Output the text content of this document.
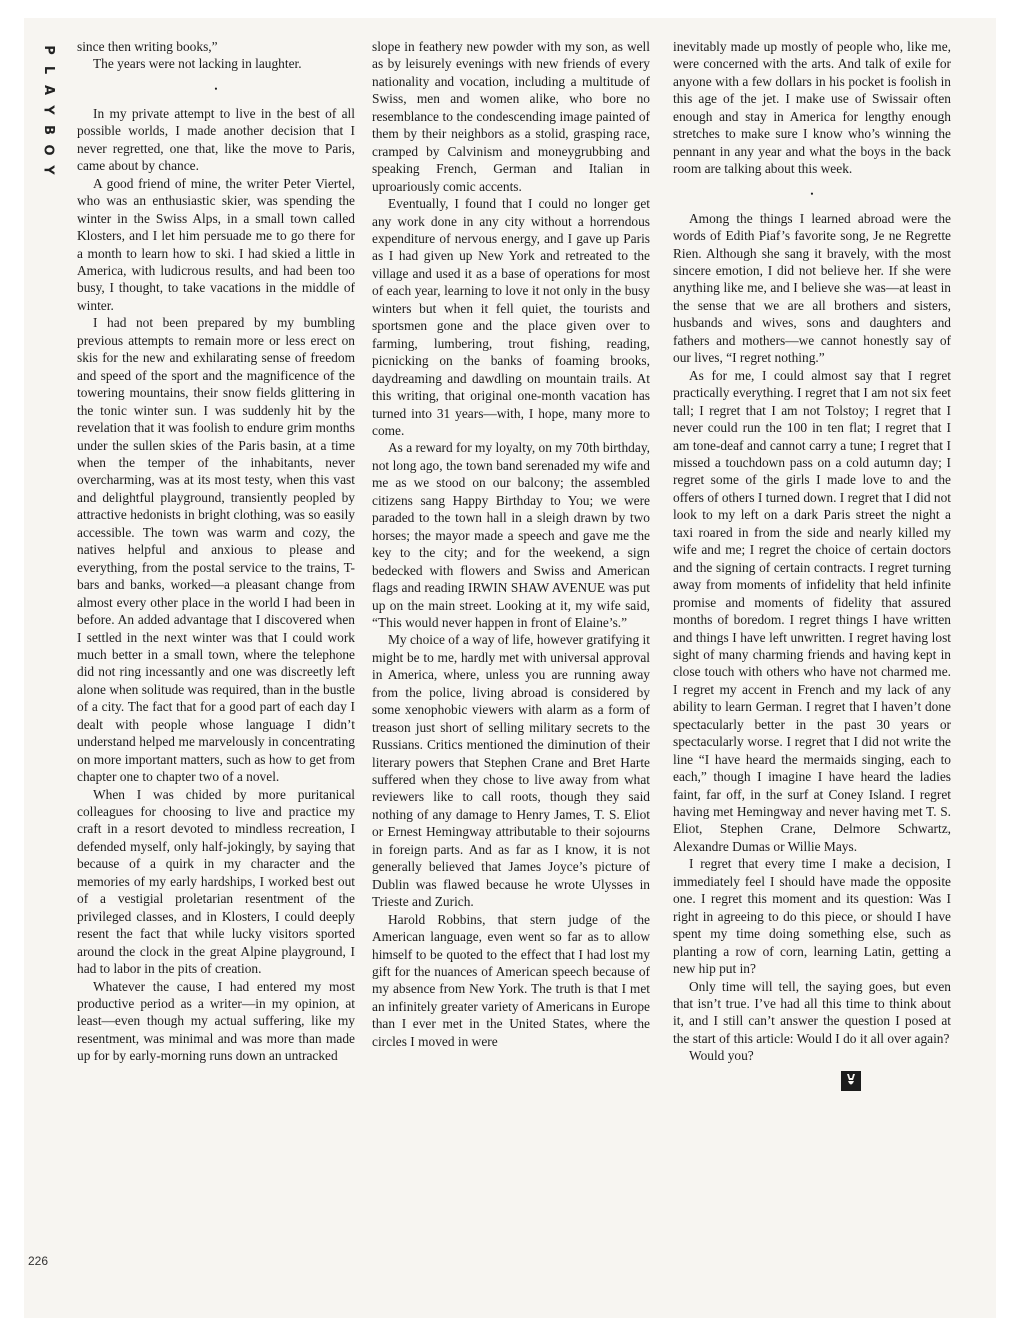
P
L
A
Y
B
O
Y

since then writing books,”

The years were not lacking in laughter.

•

In my private attempt to live in the best of all possible worlds, I made another decision that I never regretted, one that, like the move to Paris, came about by chance.

A good friend of mine, the writer Peter Viertel, who was an enthusiastic skier, was spending the winter in the Swiss Alps, in a small town called Klosters, and I let him persuade me to go there for a month to learn how to ski. I had skied a little in America, with ludicrous results, and had been too busy, I thought, to take vacations in the middle of winter.

I had not been prepared by my bumbling previous attempts to remain more or less erect on skis for the new and exhilarating sense of freedom and speed of the sport and the magnificence of the towering mountains, their snow fields glittering in the tonic winter sun. I was suddenly hit by the revelation that it was foolish to endure grim months under the sullen skies of the Paris basin, at a time when the temper of the inhabitants, never overcharming, was at its most testy, when this vast and delightful playground, transiently peopled by attractive hedonists in bright clothing, was so easily accessible. The town was warm and cozy, the natives helpful and anxious to please and everything, from the postal service to the trains, T-bars and banks, worked—a pleasant change from almost every other place in the world I had been in before. An added advantage that I discovered when I settled in the next winter was that I could work much better in a small town, where the telephone did not ring incessantly and one was discreetly left alone when solitude was required, than in the bustle of a city. The fact that for a good part of each day I dealt with people whose language I didn’t understand helped me marvelously in concentrating on more important matters, such as how to get from chapter one to chapter two of a novel.

When I was chided by more puritanical colleagues for choosing to live and practice my craft in a resort devoted to mindless recreation, I defended myself, only half-jokingly, by saying that because of a quirk in my character and the memories of my early hardships, I worked best out of a vestigial proletarian resentment of the privileged classes, and in Klosters, I could deeply resent the fact that while lucky visitors sported around the clock in the great Alpine playground, I had to labor in the pits of creation.

Whatever the cause, I had entered my most productive period as a writer—in my opinion, at least—even though my actual suffering, like my resentment, was minimal and was more than made up for by early-morning runs down an untracked

slope in feathery new powder with my son, as well as by leisurely evenings with new friends of every nationality and vocation, including a multitude of Swiss, men and women alike, who bore no resemblance to the condescending image painted of them by their neighbors as a stolid, grasping race, cramped by Calvinism and moneygrubbing and speaking French, German and Italian in uproariously comic accents.

Eventually, I found that I could no longer get any work done in any city without a horrendous expenditure of nervous energy, and I gave up Paris as I had given up New York and retreated to the village and used it as a base of operations for most of each year, learning to love it not only in the busy winters but when it fell quiet, the tourists and sportsmen gone and the place given over to farming, lumbering, trout fishing, reading, picnicking on the banks of foaming brooks, daydreaming and dawdling on mountain trails. At this writing, that original one-month vacation has turned into 31 years—with, I hope, many more to come.

As a reward for my loyalty, on my 70th birthday, not long ago, the town band serenaded my wife and me as we stood on our balcony; the assembled citizens sang Happy Birthday to You; we were paraded to the town hall in a sleigh drawn by two horses; the mayor made a speech and gave me the key to the city; and for the weekend, a sign bedecked with flowers and Swiss and American flags and reading IRWIN SHAW AVENUE was put up on the main street. Looking at it, my wife said, “This would never happen in front of Elaine’s.”

My choice of a way of life, however gratifying it might be to me, hardly met with universal approval in America, where, unless you are running away from the police, living abroad is considered by some xenophobic viewers with alarm as a form of treason just short of selling military secrets to the Russians. Critics mentioned the diminution of their literary powers that Stephen Crane and Bret Harte suffered when they chose to live away from what reviewers like to call roots, though they said nothing of any damage to Henry James, T. S. Eliot or Ernest Hemingway attributable to their sojourns in foreign parts. And as far as I know, it is not generally believed that James Joyce’s picture of Dublin was flawed because he wrote Ulysses in Trieste and Zurich.

Harold Robbins, that stern judge of the American language, even went so far as to allow himself to be quoted to the effect that I had lost my gift for the nuances of American speech because of my absence from New York. The truth is that I met an infinitely greater variety of Americans in Europe than I ever met in the United States, where the circles I moved in were

inevitably made up mostly of people who, like me, were concerned with the arts. And talk of exile for anyone with a few dollars in his pocket is foolish in this age of the jet. I make use of Swissair often enough and stay in America for lengthy enough stretches to make sure I know who’s winning the pennant in any year and what the boys in the back room are talking about this week.

•

Among the things I learned abroad were the words of Edith Piaf’s favorite song, Je ne Regrette Rien. Although she sang it bravely, with the most sincere emotion, I did not believe her. If she were anything like me, and I believe she was—at least in the sense that we are all brothers and sisters, husbands and wives, sons and daughters and fathers and mothers—we cannot honestly say of our lives, “I regret nothing.”

As for me, I could almost say that I regret practically everything. I regret that I am not six feet tall; I regret that I am not Tolstoy; I regret that I never could run the 100 in ten flat; I regret that I am tone-deaf and cannot carry a tune; I regret that I missed a touchdown pass on a cold autumn day; I regret some of the girls I made love to and the offers of others I turned down. I regret that I did not look to my left on a dark Paris street the night a taxi roared in from the side and nearly killed my wife and me; I regret the choice of certain doctors and the signing of certain contracts. I regret turning away from moments of infidelity that held infinite promise and moments of fidelity that assured months of boredom. I regret things I have written and things I have left unwritten. I regret having lost sight of many charming friends and having kept in close touch with others who have not charmed me. I regret my accent in French and my lack of any ability to learn German. I regret that I haven’t done spectacularly better in the past 30 years or spectacularly worse. I regret that I did not write the line “I have heard the mermaids singing, each to each,” though I imagine I have heard the ladies faint, far off, in the surf at Coney Island. I regret having met Hemingway and never having met T. S. Eliot, Stephen Crane, Delmore Schwartz, Alexandre Dumas or Willie Mays.

I regret that every time I make a decision, I immediately feel I should have made the opposite one. I regret this moment and its question: Was I right in agreeing to do this piece, or should I have spent my time doing something else, such as planting a row of corn, learning Latin, getting a new hip put in?

Only time will tell, the saying goes, but even that isn’t true. I’ve had all this time to think about it, and I still can’t answer the question I posed at the start of this article: Would I do it all over again?

Would you?

226
